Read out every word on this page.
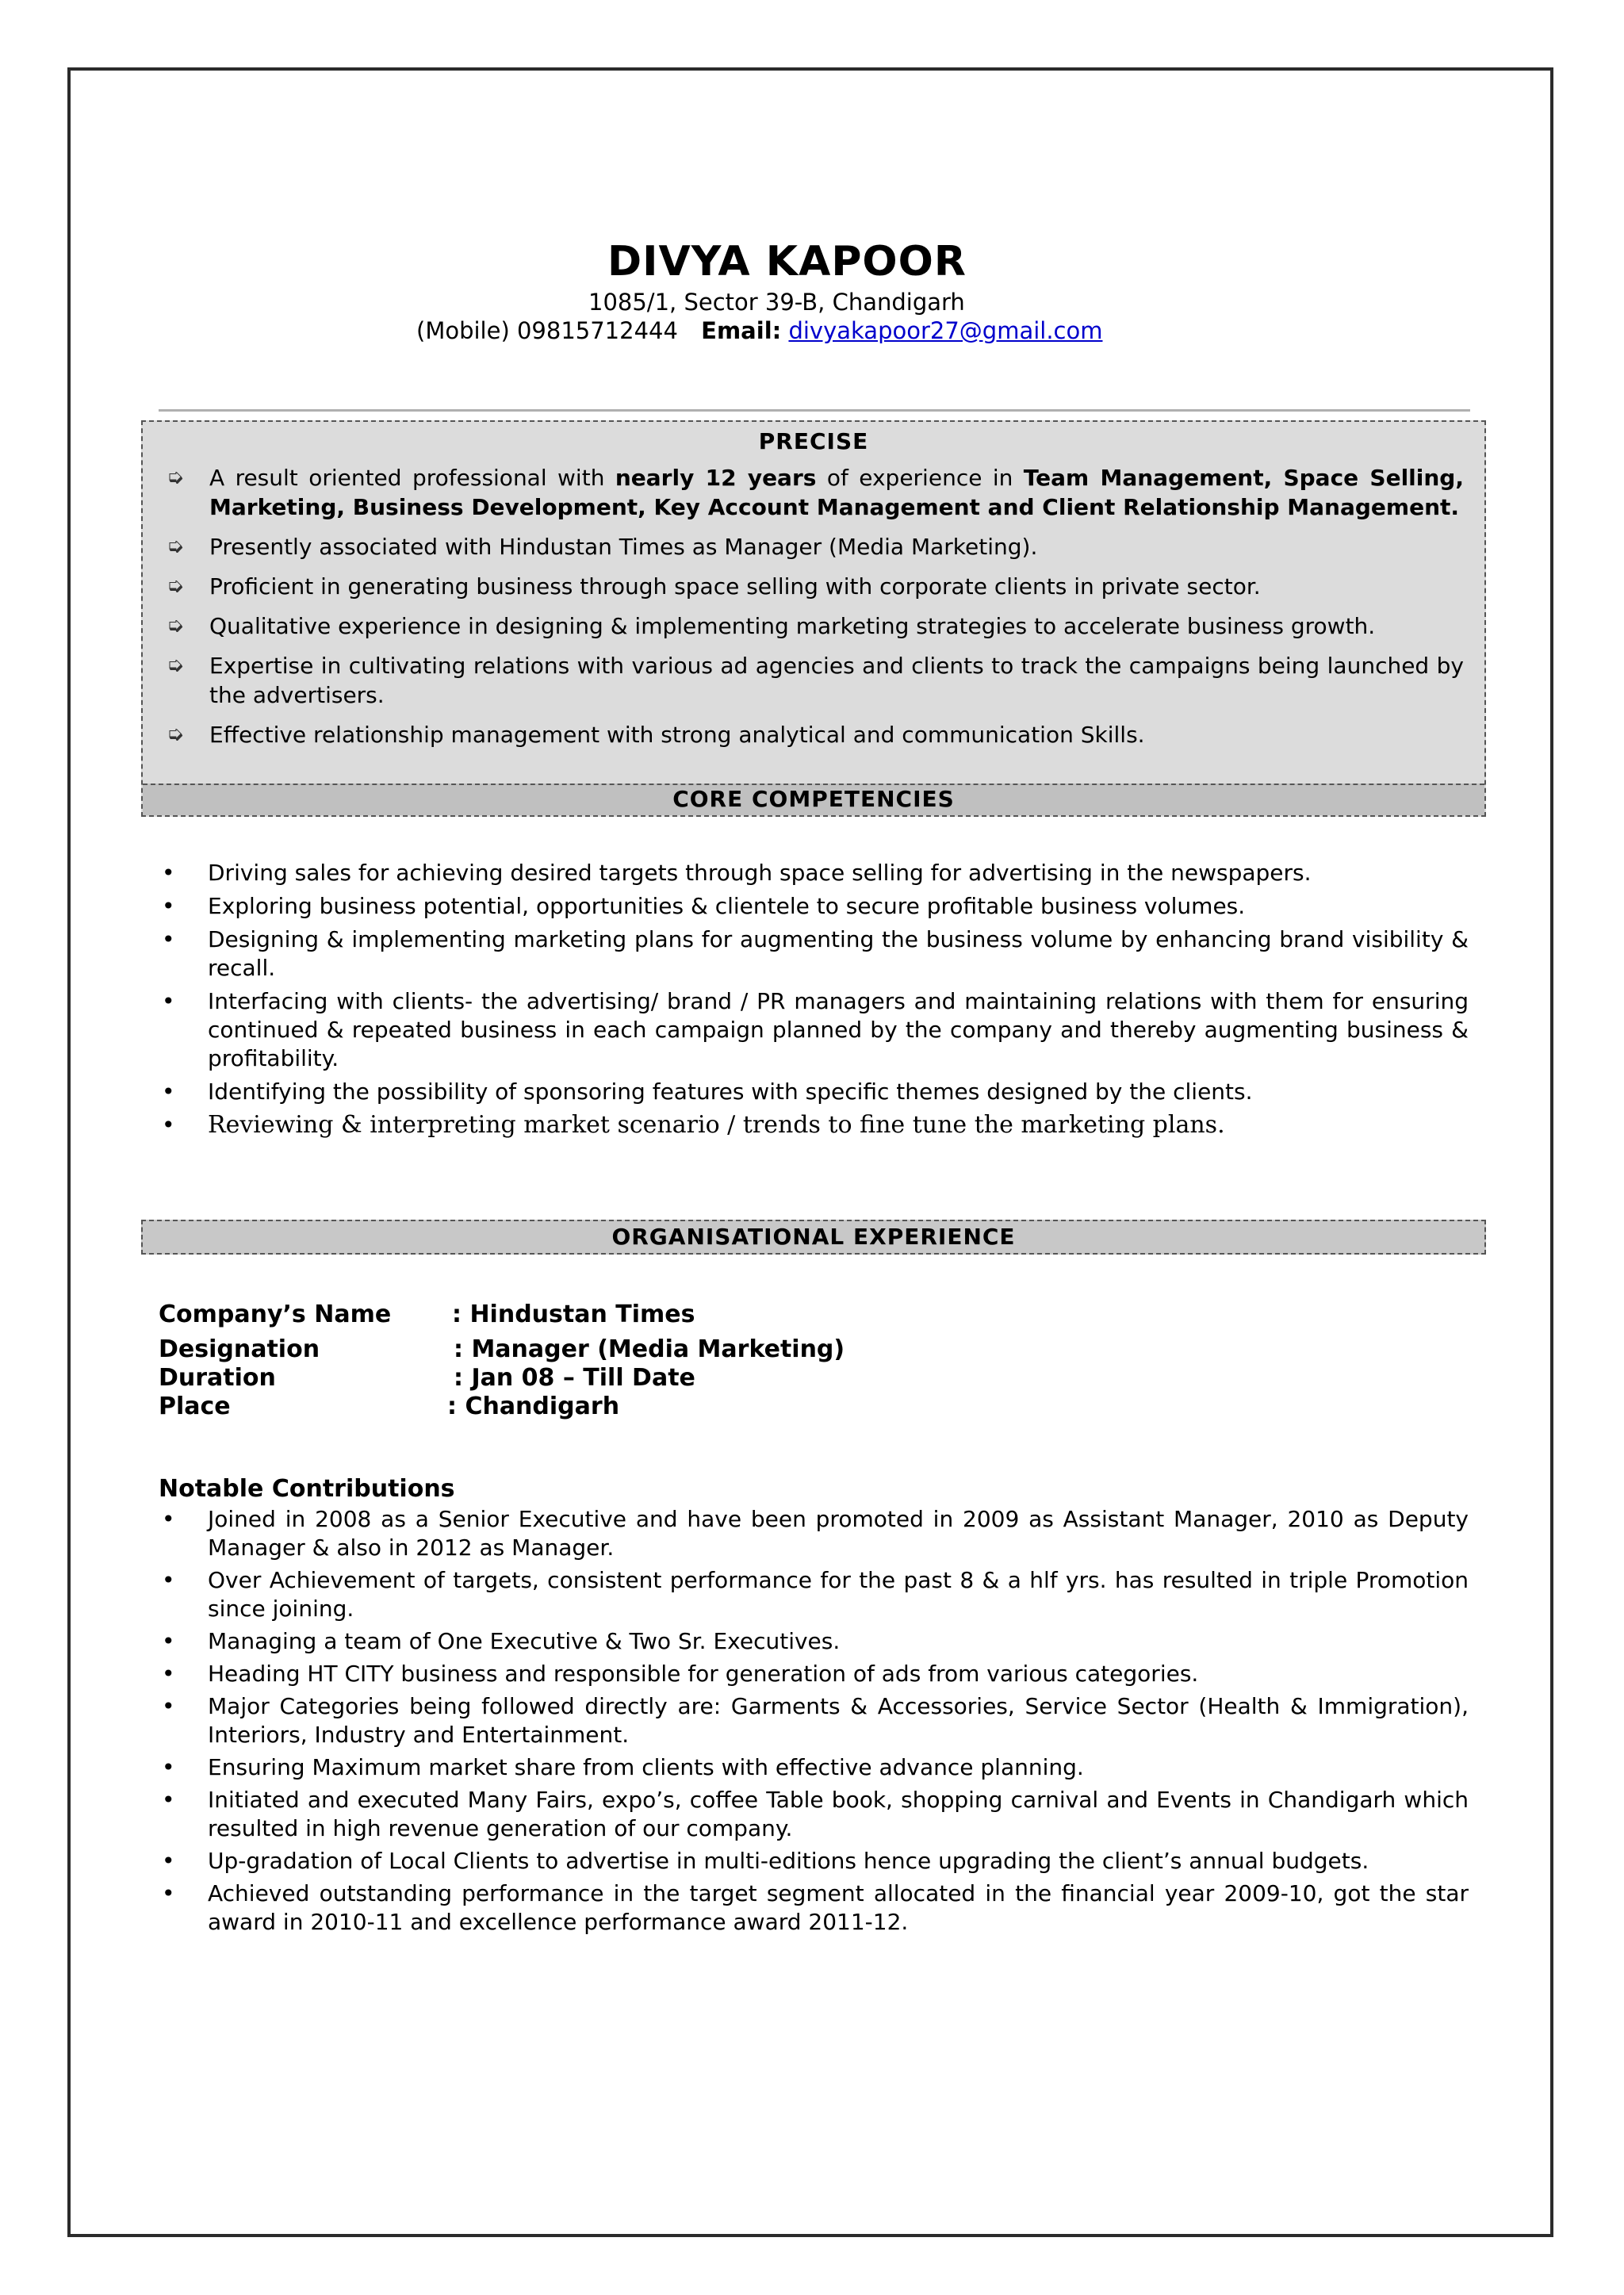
DIVYA KAPOOR
1085/1, Sector 39-B, Chandigarh
(Mobile) 09815712444 Email: divyakapoor27@gmail.com
PRECISE
➭ A result oriented professional with nearly 12 years of experience in Team Management, Space Selling, Marketing, Business Development, Key Account Management and Client Relationship Management.
➭ Presently associated with Hindustan Times as Manager (Media Marketing).
➭ Proficient in generating business through space selling with corporate clients in private sector.
➭ Qualitative experience in designing & implementing marketing strategies to accelerate business growth.
➭ Expertise in cultivating relations with various ad agencies and clients to track the campaigns being launched by the advertisers.
➭ Effective relationship management with strong analytical and communication Skills.
CORE COMPETENCIES
• Driving sales for achieving desired targets through space selling for advertising in the newspapers.
• Exploring business potential, opportunities & clientele to secure profitable business volumes.
• Designing & implementing marketing plans for augmenting the business volume by enhancing brand visibility & recall.
• Interfacing with clients- the advertising/ brand / PR managers and maintaining relations with them for ensuring continued & repeated business in each campaign planned by the company and thereby augmenting business & profitability.
• Identifying the possibility of sponsoring features with specific themes designed by the clients.
• Reviewing & interpreting market scenario / trends to fine tune the marketing plans.
ORGANISATIONAL EXPERIENCE
Company’s Name	: Hindustan Times
Designation	: Manager (Media Marketing)
Duration	: Jan 08 – Till Date
Place	: Chandigarh
Notable Contributions
• Joined in 2008 as a Senior Executive and have been promoted in 2009 as Assistant Manager, 2010 as Deputy Manager & also in 2012 as Manager.
• Over Achievement of targets, consistent performance for the past 8 & a hlf yrs. has resulted in triple Promotion since joining.
• Managing a team of One Executive & Two Sr. Executives.
• Heading HT CITY business and responsible for generation of ads from various categories.
• Major Categories being followed directly are: Garments & Accessories, Service Sector (Health & Immigration), Interiors, Industry and Entertainment.
• Ensuring Maximum market share from clients with effective advance planning.
• Initiated and executed Many Fairs, expo’s, coffee Table book, shopping carnival and Events in Chandigarh which resulted in high revenue generation of our company.
• Up-gradation of Local Clients to advertise in multi-editions hence upgrading the client’s annual budgets.
• Achieved outstanding performance in the target segment allocated in the financial year 2009-10, got the star award in 2010-11 and excellence performance award 2011-12.
